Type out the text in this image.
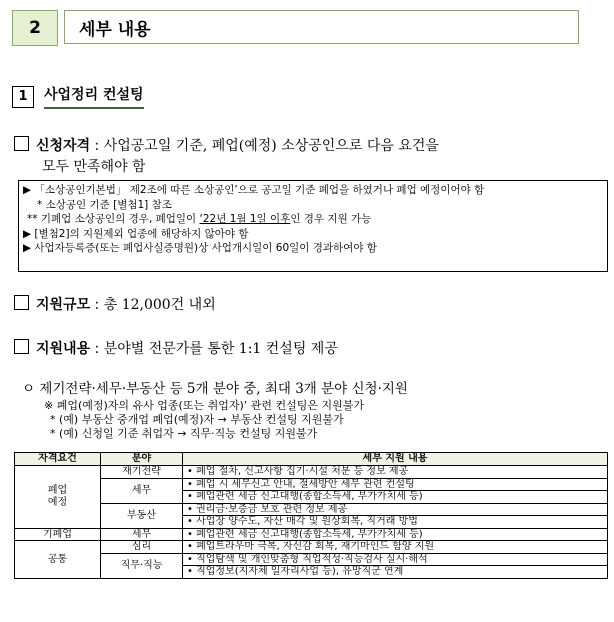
2	세부 내용
1	사업정리 컨설팅
신청자격 : 사업공고일 기준, 폐업(예정) 소상공인으로 다음 요건을
모두 만족해야 함
▶ 「소상공인기본법」 제2조에 따른 소상공인’으로 공고일 기준 폐업을 하였거나 폐업 예정이어야 함
* 소상공인 기준 [별첨1] 참조
** 기폐업 소상공인의 경우, 폐업일이 ‘22년 1월 1일 이후인 경우 지원 가능
▶ [별첨2]의 지원제외 업종에 해당하지 않아야 함
▶ 사업자등록증(또는 폐업사실증명원)상 사업개시일이 60일이 경과하여야 함
지원규모 : 총 12,000건 내외
지원내용 : 분야별 전문가를 통한 1:1 컨설팅 제공
ㅇ 제기전략·세무·부동산 등 5개 분야 중, 최대 3개 분야 신청·지원
※ 폐업(예정)자의 유사 업종(또는 취업자)’ 관련 컨설팅은 지원불가
* (예) 부동산 중개업 폐업(예정)자 → 부동산 컨설팅 지원불가
* (예) 신청일 기준 취업자 → 직무·직능 컨설팅 지원불가
자격요건	분야	세부 지원 내용
폐업
예정	재기전략	• 폐업 절차, 신고사항 집기·시설 처분 등 정보 제공
	세무	• 폐업 시 세무신고 안내, 절세방안 세무 관련 컨설팅
		• 폐업관련 세금 신고대행(종합소득세, 부가가치세 등)
	부동산	• 권리금·보증금 보호 관련 정보 제공
		• 사업장 양수도, 자산 매각 및 원상회복, 직거래 방법
기폐업	세무	• 폐업관련 세금 신고대행(종합소득세, 부가가치세 등)
공통	심리	• 폐업트라우마 극복, 자신감 회복, 재기마인드 함양 지원
	직무·직능	• 직업탐색 및 개인맞춤형 직업적성·직능검사 실시·해석
		• 직업정보(지자체 일자리사업 등), 유망직군 연계
